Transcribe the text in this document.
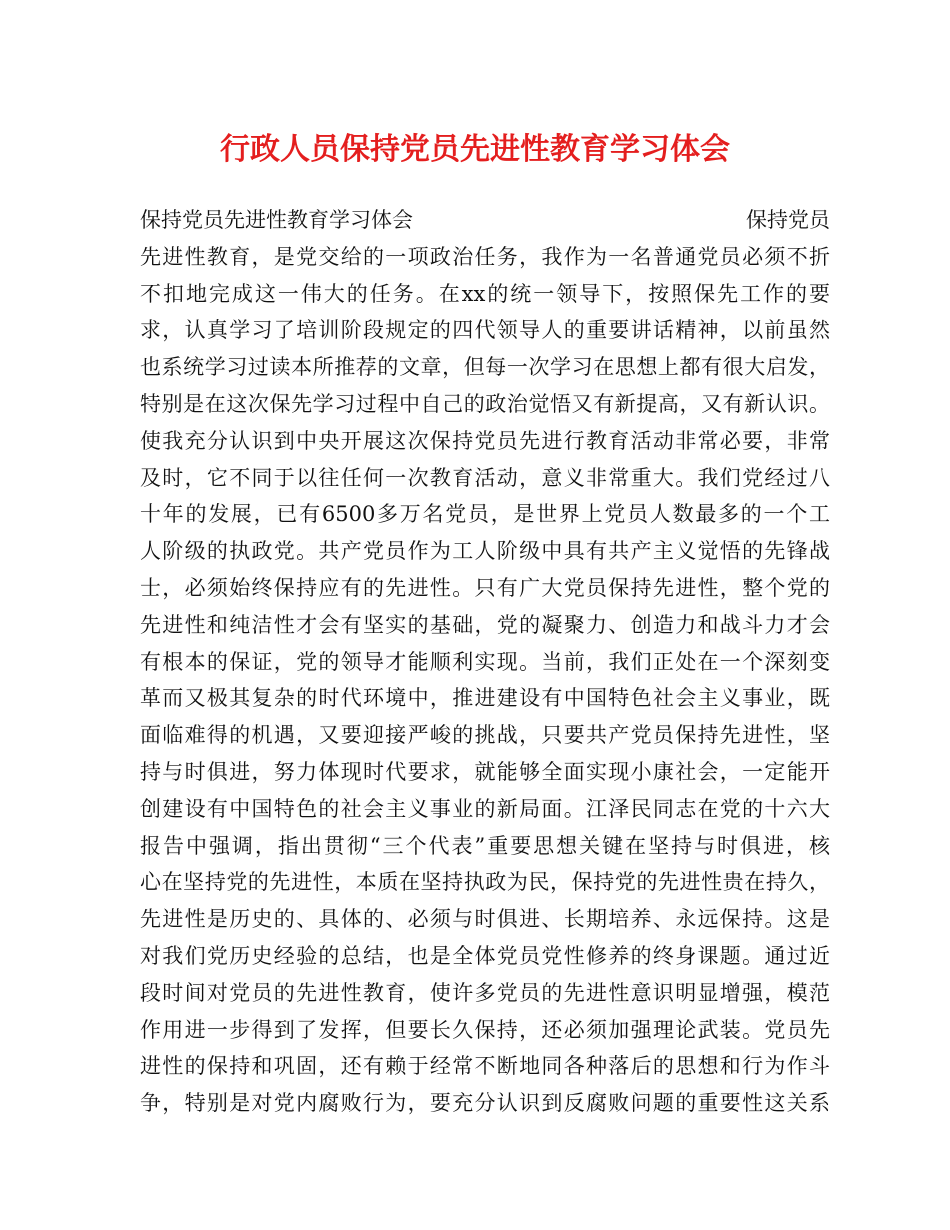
行政人员保持党员先进性教育学习体会
保持党员先进性教育学习体会	保持党员
先进性教育，是党交给的一项政治任务，我作为一名普通党员必须不折
不扣地完成这一伟大的任务。在xx的统一领导下，按照保先工作的要
求，认真学习了培训阶段规定的四代领导人的重要讲话精神，以前虽然
也系统学习过读本所推荐的文章，但每一次学习在思想上都有很大启发，
特别是在这次保先学习过程中自己的政治觉悟又有新提高，又有新认识。
使我充分认识到中央开展这次保持党员先进行教育活动非常必要，非常
及时，它不同于以往任何一次教育活动，意义非常重大。我们党经过八
十年的发展，已有6500多万名党员，是世界上党员人数最多的一个工
人阶级的执政党。共产党员作为工人阶级中具有共产主义觉悟的先锋战
士，必须始终保持应有的先进性。只有广大党员保持先进性，整个党的
先进性和纯洁性才会有坚实的基础，党的凝聚力、创造力和战斗力才会
有根本的保证，党的领导才能顺利实现。当前，我们正处在一个深刻变
革而又极其复杂的时代环境中，推进建设有中国特色社会主义事业，既
面临难得的机遇，又要迎接严峻的挑战，只要共产党员保持先进性，坚
持与时俱进，努力体现时代要求，就能够全面实现小康社会，一定能开
创建设有中国特色的社会主义事业的新局面。江泽民同志在党的十六大
报告中强调，指出贯彻“三个代表”重要思想关键在坚持与时俱进，核
心在坚持党的先进性，本质在坚持执政为民，保持党的先进性贵在持久，
先进性是历史的、具体的、必须与时俱进、长期培养、永远保持。这是
对我们党历史经验的总结，也是全体党员党性修养的终身课题。通过近
段时间对党员的先进性教育，使许多党员的先进性意识明显增强，模范
作用进一步得到了发挥，但要长久保持，还必须加强理论武装。党员先
进性的保持和巩固，还有赖于经常不断地同各种落后的思想和行为作斗
争，特别是对党内腐败行为，要充分认识到反腐败问题的重要性这关系
